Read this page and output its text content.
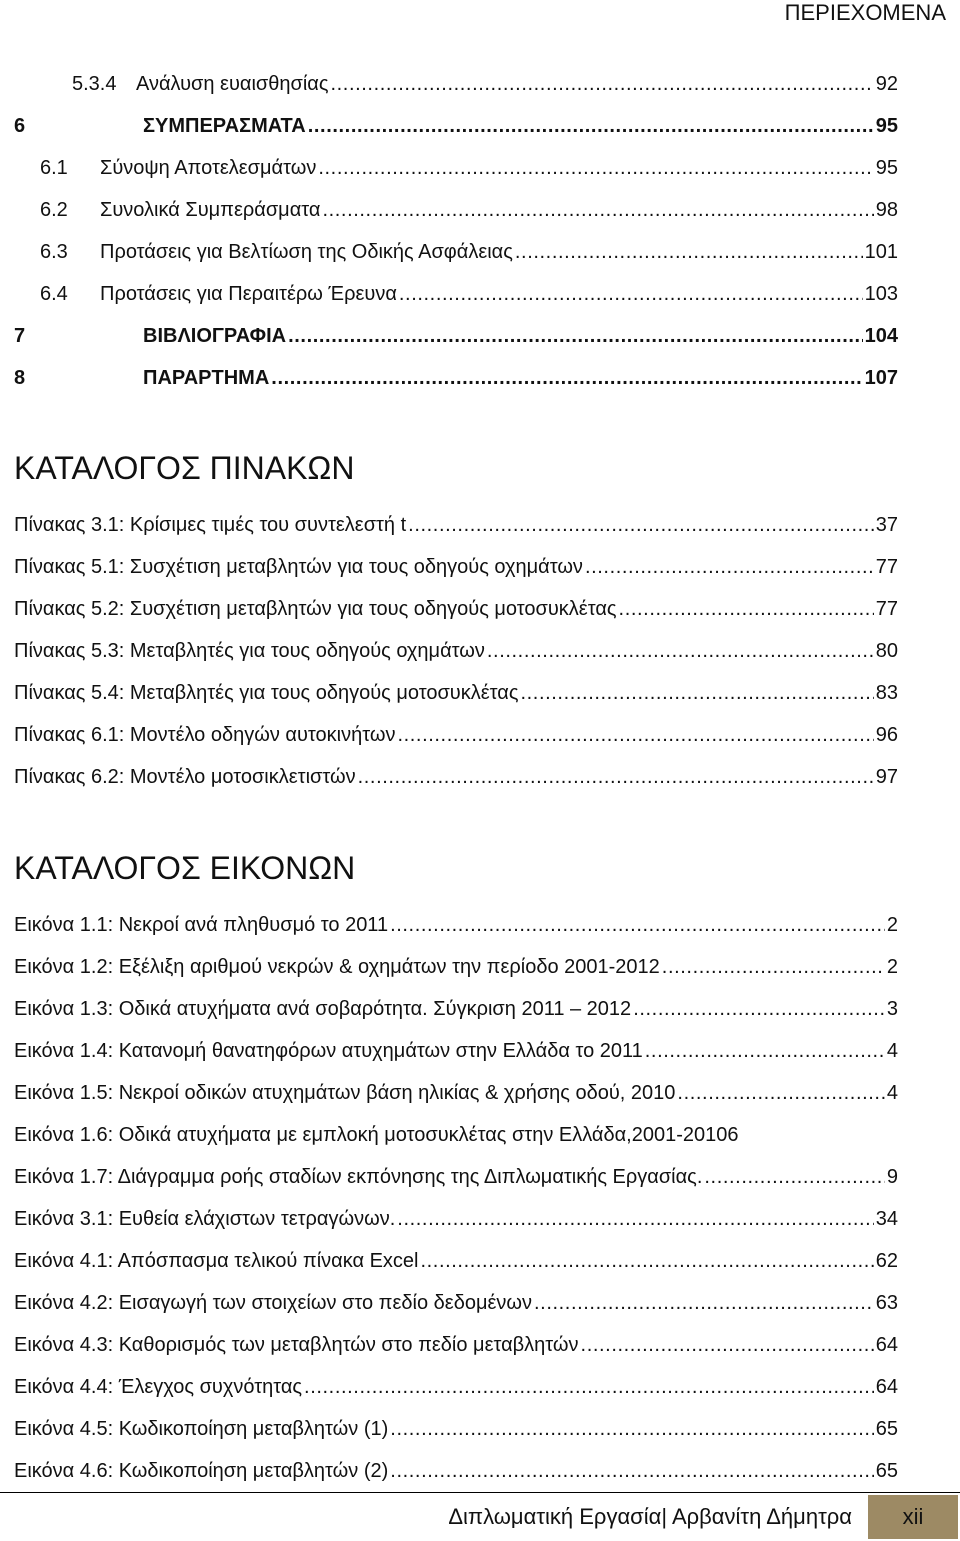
ΠΕΡΙΕΧΟΜΕΝΑ
5.3.4 Ανάλυση ευαισθησίας .....	92
6	ΣΥΜΠΕΡΑΣΜΑΤΑ .....	95
6.1 Σύνοψη Αποτελεσμάτων .....	95
6.2 Συνολικά Συμπεράσματα .....	98
6.3 Προτάσεις για Βελτίωση της Οδικής Ασφάλειας .....	101
6.4 Προτάσεις για Περαιτέρω Έρευνα .....	103
7	ΒΙΒΛΙΟΓΡΑΦΙΑ .....	104
8	ΠΑΡΑΡΤΗΜΑ .....	107
ΚΑΤΑΛΟΓΟΣ ΠΙΝΑΚΩΝ
Πίνακας 3.1: Κρίσιμες τιμές του συντελεστή t .....	37
Πίνακας 5.1: Συσχέτιση μεταβλητών για τους οδηγούς οχημάτων .....	77
Πίνακας 5.2: Συσχέτιση μεταβλητών για τους οδηγούς μοτοσυκλέτας .....	77
Πίνακας 5.3: Μεταβλητές για τους οδηγούς οχημάτων .....	80
Πίνακας 5.4: Μεταβλητές για τους οδηγούς μοτοσυκλέτας .....	83
Πίνακας 6.1: Μοντέλο οδηγών αυτοκινήτων .....	96
Πίνακας 6.2: Μοντέλο μοτοσικλετιστών .....	97
ΚΑΤΑΛΟΓΟΣ ΕΙΚΟΝΩΝ
Εικόνα 1.1: Νεκροί ανά πληθυσμό το 2011 .....	2
Εικόνα 1.2: Εξέλιξη αριθμού νεκρών & οχημάτων την περίοδο 2001-2012 .....	2
Εικόνα 1.3: Οδικά ατυχήματα ανά σοβαρότητα. Σύγκριση 2011 – 2012 .....	3
Εικόνα 1.4: Κατανομή θανατηφόρων ατυχημάτων στην Ελλάδα το 2011 .....	4
Εικόνα 1.5: Νεκροί οδικών ατυχημάτων βάση ηλικίας & χρήσης οδού, 2010 .....	4
Εικόνα 1.6: Οδικά ατυχήματα με εμπλοκή μοτοσυκλέτας στην Ελλάδα,2001-2010 6
Εικόνα 1.7: Διάγραμμα ροής σταδίων εκπόνησης της Διπλωματικής Εργασίας. .....	9
Εικόνα 3.1: Ευθεία ελάχιστων τετραγώνων. .....	34
Εικόνα 4.1: Απόσπασμα τελικού πίνακα Excel .....	62
Εικόνα 4.2: Εισαγωγή των στοιχείων στο πεδίο δεδομένων .....	63
Εικόνα 4.3: Καθορισμός των μεταβλητών στο πεδίο μεταβλητών .....	64
Εικόνα 4.4: Έλεγχος συχνότητας .....	64
Εικόνα 4.5: Κωδικοποίηση μεταβλητών (1) .....	65
Εικόνα 4.6: Κωδικοποίηση μεταβλητών (2) .....	65
Διπλωματική Εργασία| Αρβανίτη Δήμητρα	xii
